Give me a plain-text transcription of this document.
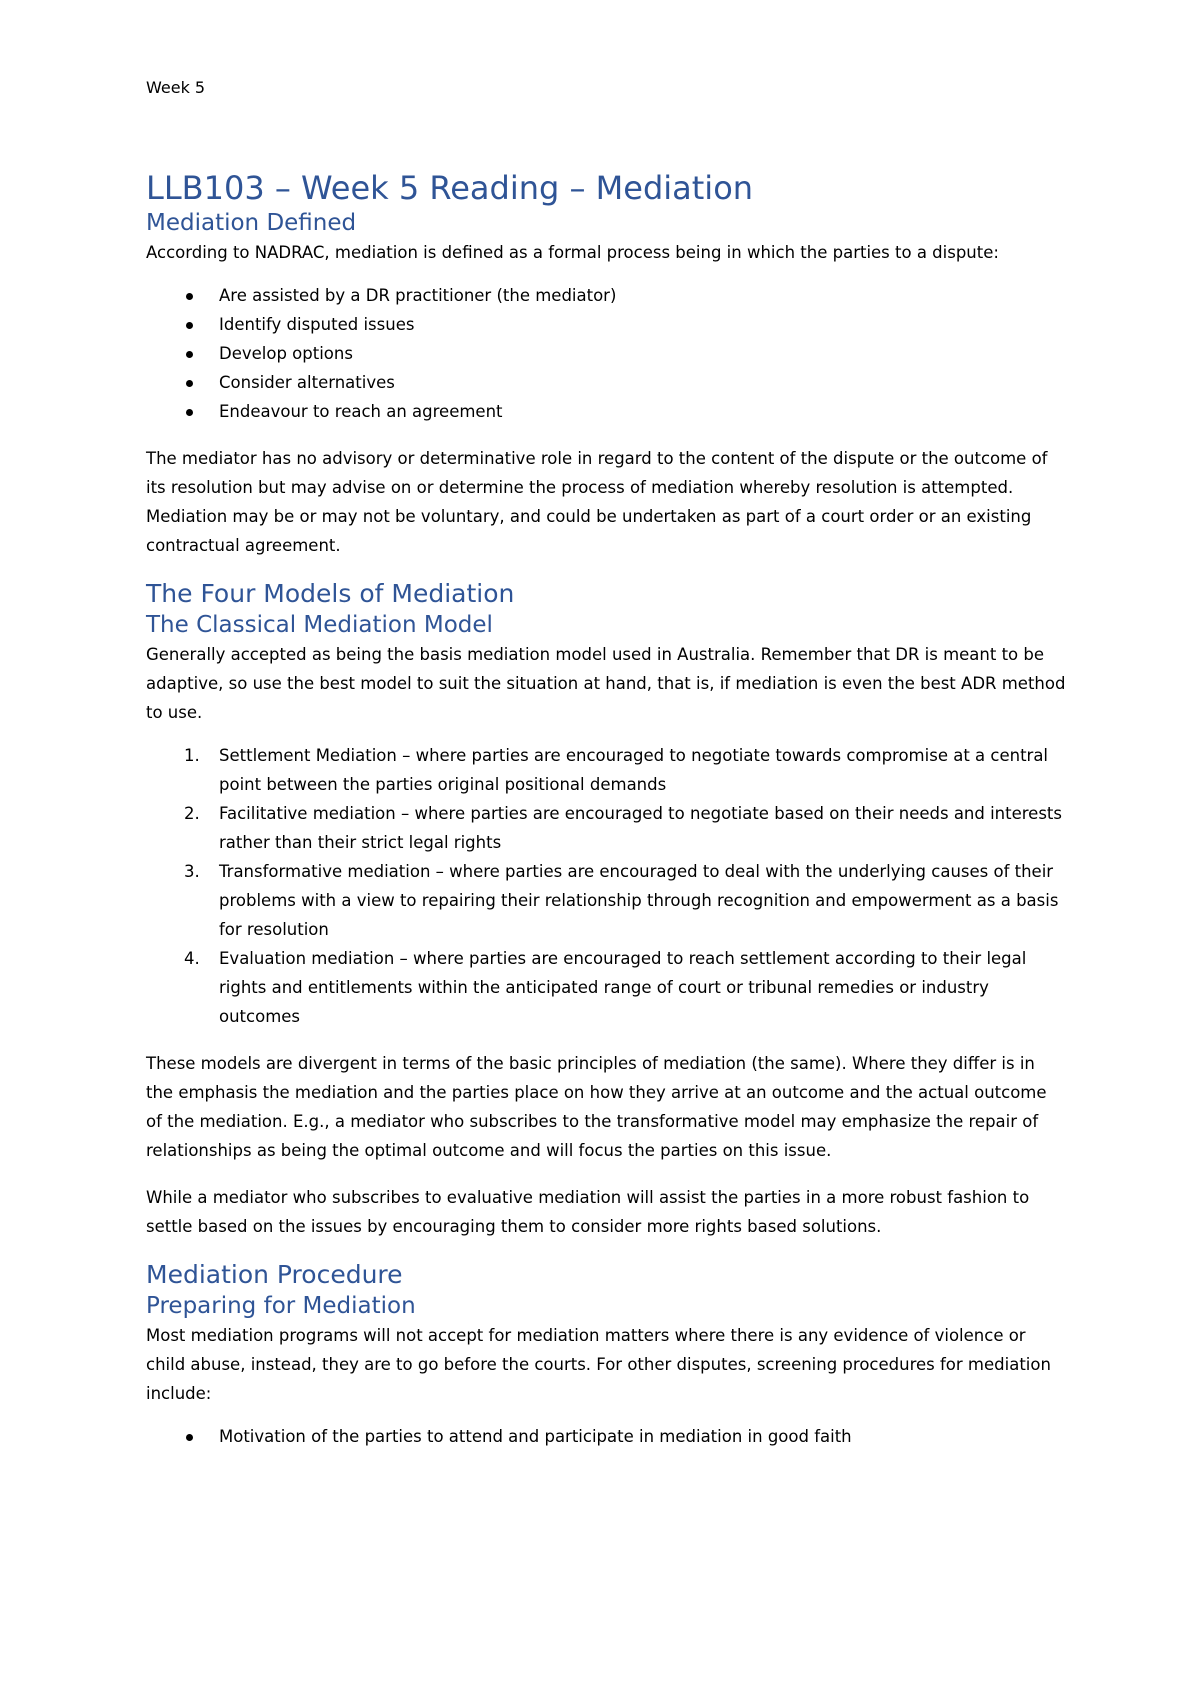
Week 5
LLB103 – Week 5 Reading – Mediation
Mediation Defined

According to NADRAC, mediation is defined as a formal process being in which the parties to a dispute:

Are assisted by a DR practitioner (the mediator)
Identify disputed issues
Develop options
Consider alternatives
Endeavour to reach an agreement

The mediator has no advisory or determinative role in regard to the content of the dispute or the outcome of its resolution but may advise on or determine the process of mediation whereby resolution is attempted. Mediation may be or may not be voluntary, and could be undertaken as part of a court order or an existing contractual agreement.

The Four Models of Mediation
The Classical Mediation Model

Generally accepted as being the basis mediation model used in Australia. Remember that DR is meant to be adaptive, so use the best model to suit the situation at hand, that is, if mediation is even the best ADR method to use.

1. Settlement Mediation – where parties are encouraged to negotiate towards compromise at a central point between the parties original positional demands
2. Facilitative mediation – where parties are encouraged to negotiate based on their needs and interests rather than their strict legal rights
3. Transformative mediation – where parties are encouraged to deal with the underlying causes of their problems with a view to repairing their relationship through recognition and empowerment as a basis for resolution
4. Evaluation mediation – where parties are encouraged to reach settlement according to their legal rights and entitlements within the anticipated range of court or tribunal remedies or industry outcomes

These models are divergent in terms of the basic principles of mediation (the same). Where they differ is in the emphasis the mediation and the parties place on how they arrive at an outcome and the actual outcome of the mediation. E.g., a mediator who subscribes to the transformative model may emphasize the repair of relationships as being the optimal outcome and will focus the parties on this issue.

While a mediator who subscribes to evaluative mediation will assist the parties in a more robust fashion to settle based on the issues by encouraging them to consider more rights based solutions.

Mediation Procedure
Preparing for Mediation

Most mediation programs will not accept for mediation matters where there is any evidence of violence or child abuse, instead, they are to go before the courts. For other disputes, screening procedures for mediation include:

Motivation of the parties to attend and participate in mediation in good faith
